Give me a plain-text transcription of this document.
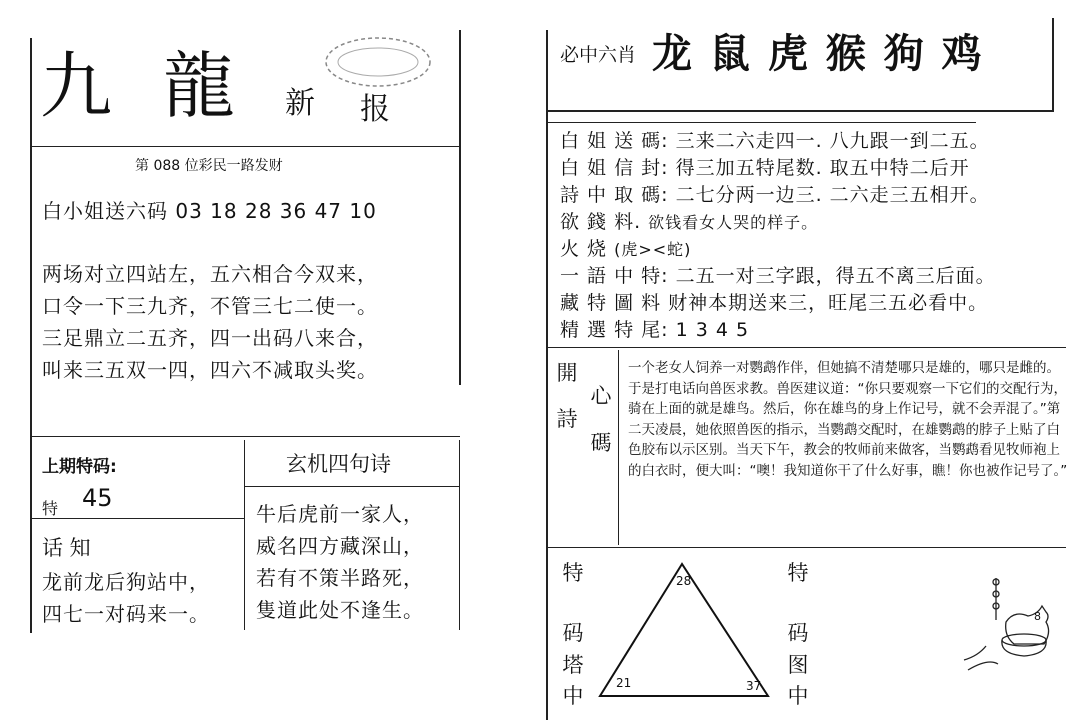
九 龍 新 报
第 088 位彩民一路发财
白小姐送六码 03 18 28 36 47 10
两场对立四站左，五六相合今双来，
口令一下三九齐，不管三七二使一。
三足鼎立二五齐，四一出码八来合，
叫来三五双一四，四六不减取头奖。
上期特码:
特 45
话 知
龙前龙后狗站中，
四七一对码来一。
玄机四句诗
牛后虎前一家人，
威名四方藏深山，
若有不策半路死，
隻道此处不逢生。
必中六肖 龙 鼠 虎 猴 狗 鸡
白 姐 送 碼: 三来二六走四一. 八九跟一到二五。
白 姐 信 封: 得三加五特尾数. 取五中特二后开
詩 中 取 碼: 二七分两一边三. 二六走三五相开。
欲 錢 料. 欲钱看女人哭的样子。
火 烧 (虎><蛇)
一 語 中 特: 二五一对三字跟，得五不离三后面。
藏 特 圖 料 财神本期送来三，旺尾三五必看中。
精 選 特 尾: 1 3 4 5
開
詩
心
碼
一个老女人饲养一对鹦鹉作伴，但她搞不清楚哪只是雄的，哪只是雌的。于是打电话向兽医求教。兽医建议道：“你只要观察一下它们的交配行为，骑在上面的就是雄鸟。然后，你在雄鸟的身上作记号，就不会弄混了。”第二天凌晨，她依照兽医的指示，当鹦鹉交配时，在雄鹦鹉的脖子上贴了白色胶布以示区别。当天下午，教会的牧师前来做客，当鹦鹉看见牧师袍上的白衣时，便大叫：“噢！我知道你干了什么好事，瞧！你也被作记号了。”
特
码
塔
中
特
码
图
中
28
21	37
8
